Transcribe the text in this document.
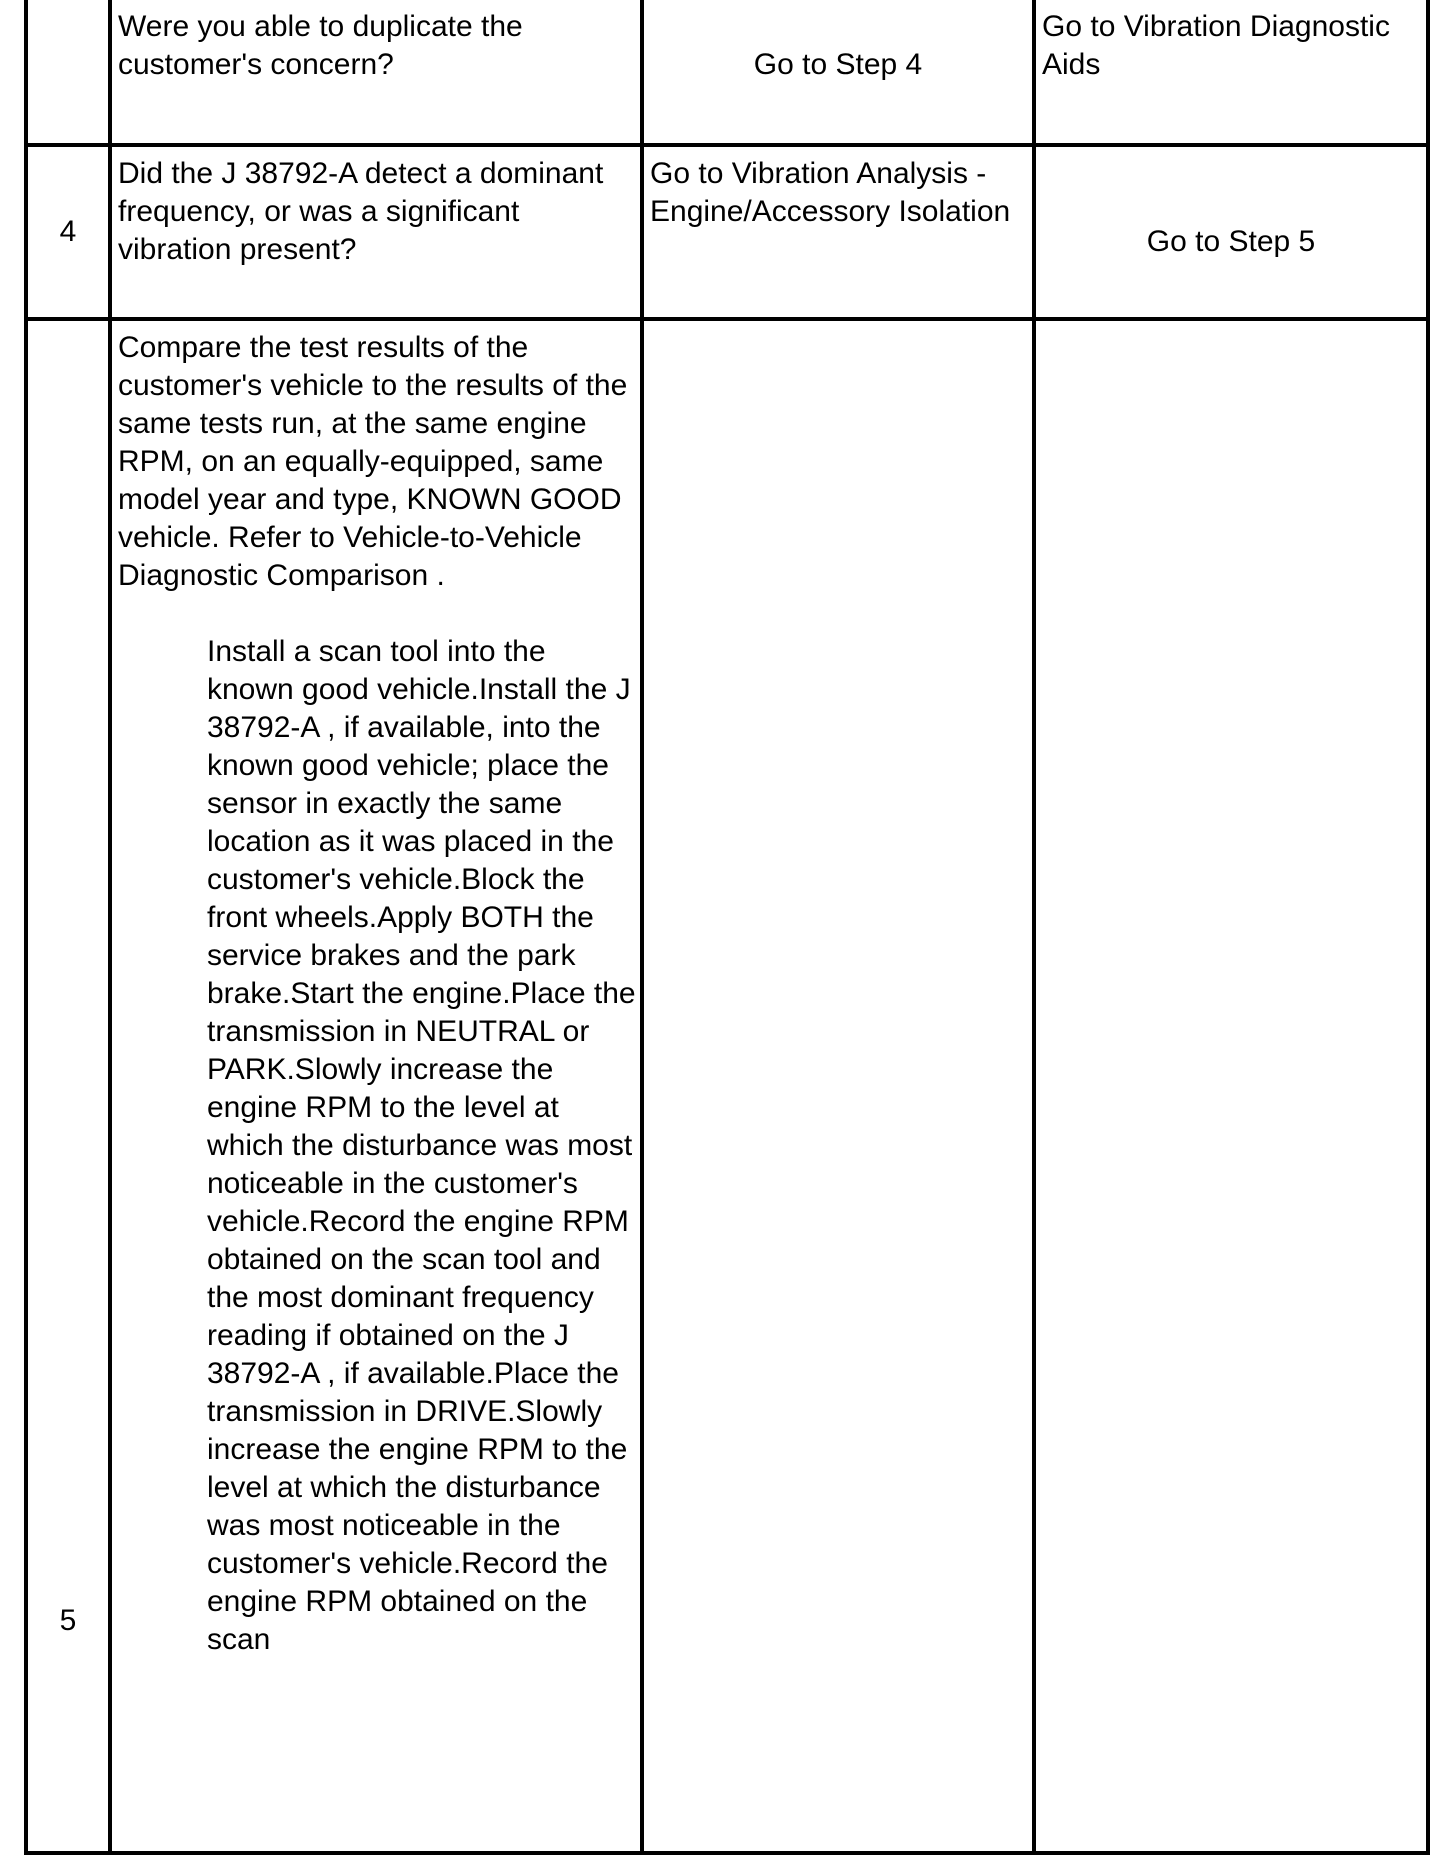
	Were you able to duplicate the customer's concern?	Go to Step 4	Go to Vibration Diagnostic Aids

4	Did the J 38792-A detect a dominant frequency, or was a significant vibration present?	Go to Vibration Analysis - Engine/Accessory Isolation	Go to Step 5

5	Compare the test results of the customer's vehicle to the results of the same tests run, at the same engine RPM, on an equally-equipped, same model year and type, KNOWN GOOD vehicle. Refer to Vehicle-to-Vehicle Diagnostic Comparison .
Install a scan tool into the known good vehicle.Install the J 38792-A , if available, into the known good vehicle; place the sensor in exactly the same location as it was placed in the customer's vehicle.Block the front wheels.Apply BOTH the service brakes and the park brake.Start the engine.Place the transmission in NEUTRAL or PARK.Slowly increase the engine RPM to the level at which the disturbance was most noticeable in the customer's vehicle.Record the engine RPM obtained on the scan tool and the most dominant frequency reading if obtained on the J 38792-A , if available.Place the transmission in DRIVE.Slowly increase the engine RPM to the level at which the disturbance was most noticeable in the customer's vehicle.Record the engine RPM obtained on the scan		
